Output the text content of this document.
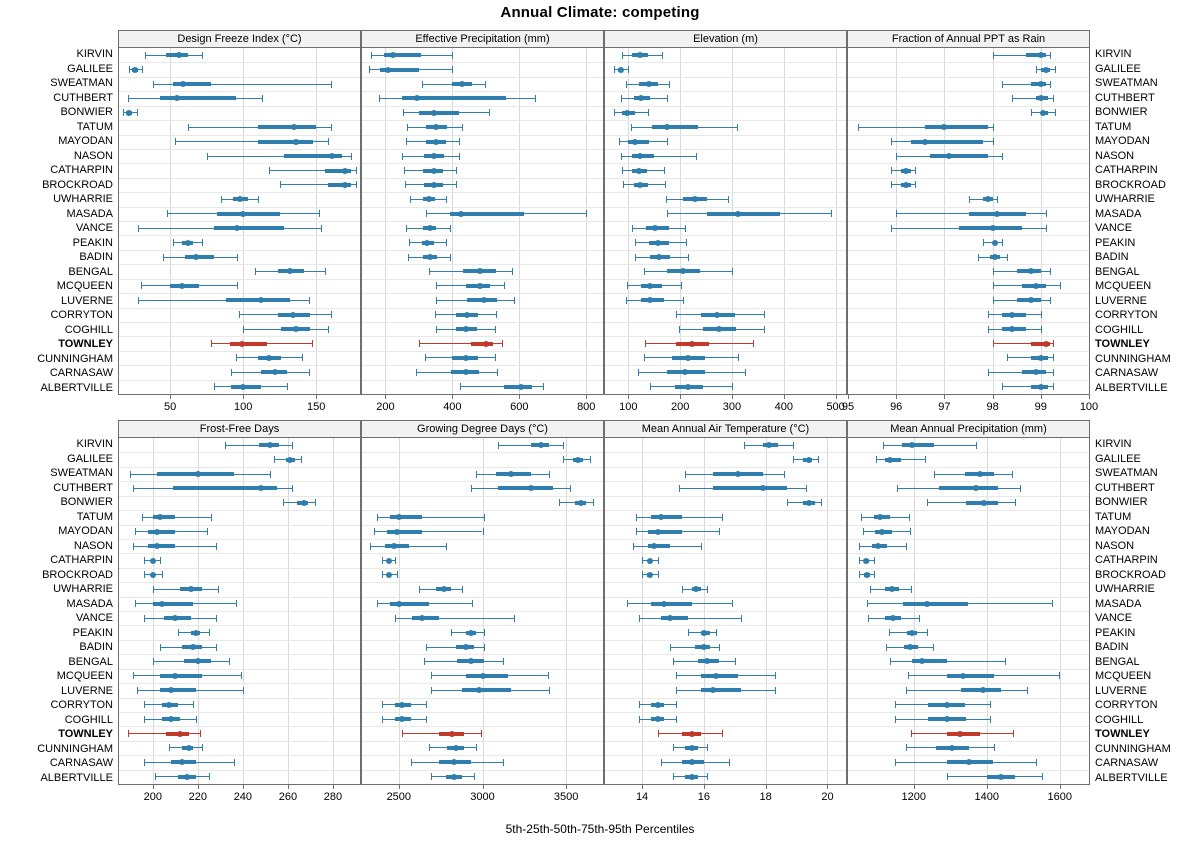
Annual Climate: competing
5th-25th-50th-75th-95th Percentiles
KIRVIN	KIRVIN
GALILEE	GALILEE
SWEATMAN	SWEATMAN
CUTHBERT	CUTHBERT
BONWIER	BONWIER
TATUM	TATUM
MAYODAN	MAYODAN
NASON	NASON
CATHARPIN	CATHARPIN
BROCKROAD	BROCKROAD
UWHARRIE	UWHARRIE
MASADA	MASADA
VANCE	VANCE
PEAKIN	PEAKIN
BADIN	BADIN
BENGAL	BENGAL
MCQUEEN	MCQUEEN
LUVERNE	LUVERNE
CORRYTON	CORRYTON
COGHILL	COGHILL
TOWNLEY	TOWNLEY
CUNNINGHAM	CUNNINGHAM
CARNASAW	CARNASAW
ALBERTVILLE	ALBERTVILLE
KIRVIN	KIRVIN
GALILEE	GALILEE
SWEATMAN	SWEATMAN
CUTHBERT	CUTHBERT
BONWIER	BONWIER
TATUM	TATUM
MAYODAN	MAYODAN
NASON	NASON
CATHARPIN	CATHARPIN
BROCKROAD	BROCKROAD
UWHARRIE	UWHARRIE
MASADA	MASADA
VANCE	VANCE
PEAKIN	PEAKIN
BADIN	BADIN
BENGAL	BENGAL
MCQUEEN	MCQUEEN
LUVERNE	LUVERNE
CORRYTON	CORRYTON
COGHILL	COGHILL
TOWNLEY	TOWNLEY
CUNNINGHAM	CUNNINGHAM
CARNASAW	CARNASAW
ALBERTVILLE	ALBERTVILLE
Design Freeze Index (°C)
50	100	150
Effective Precipitation (mm)
200	400	600	800
Elevation (m)
100	200	300	400	500
Fraction of Annual PPT as Rain
95	96	97	98	99	100
Frost-Free Days
200	220	240	260	280
Growing Degree Days (°C)
2500	3000	3500
Mean Annual Air Temperature (°C)
14	16	18	20
Mean Annual Precipitation (mm)
1200	1400	1600
